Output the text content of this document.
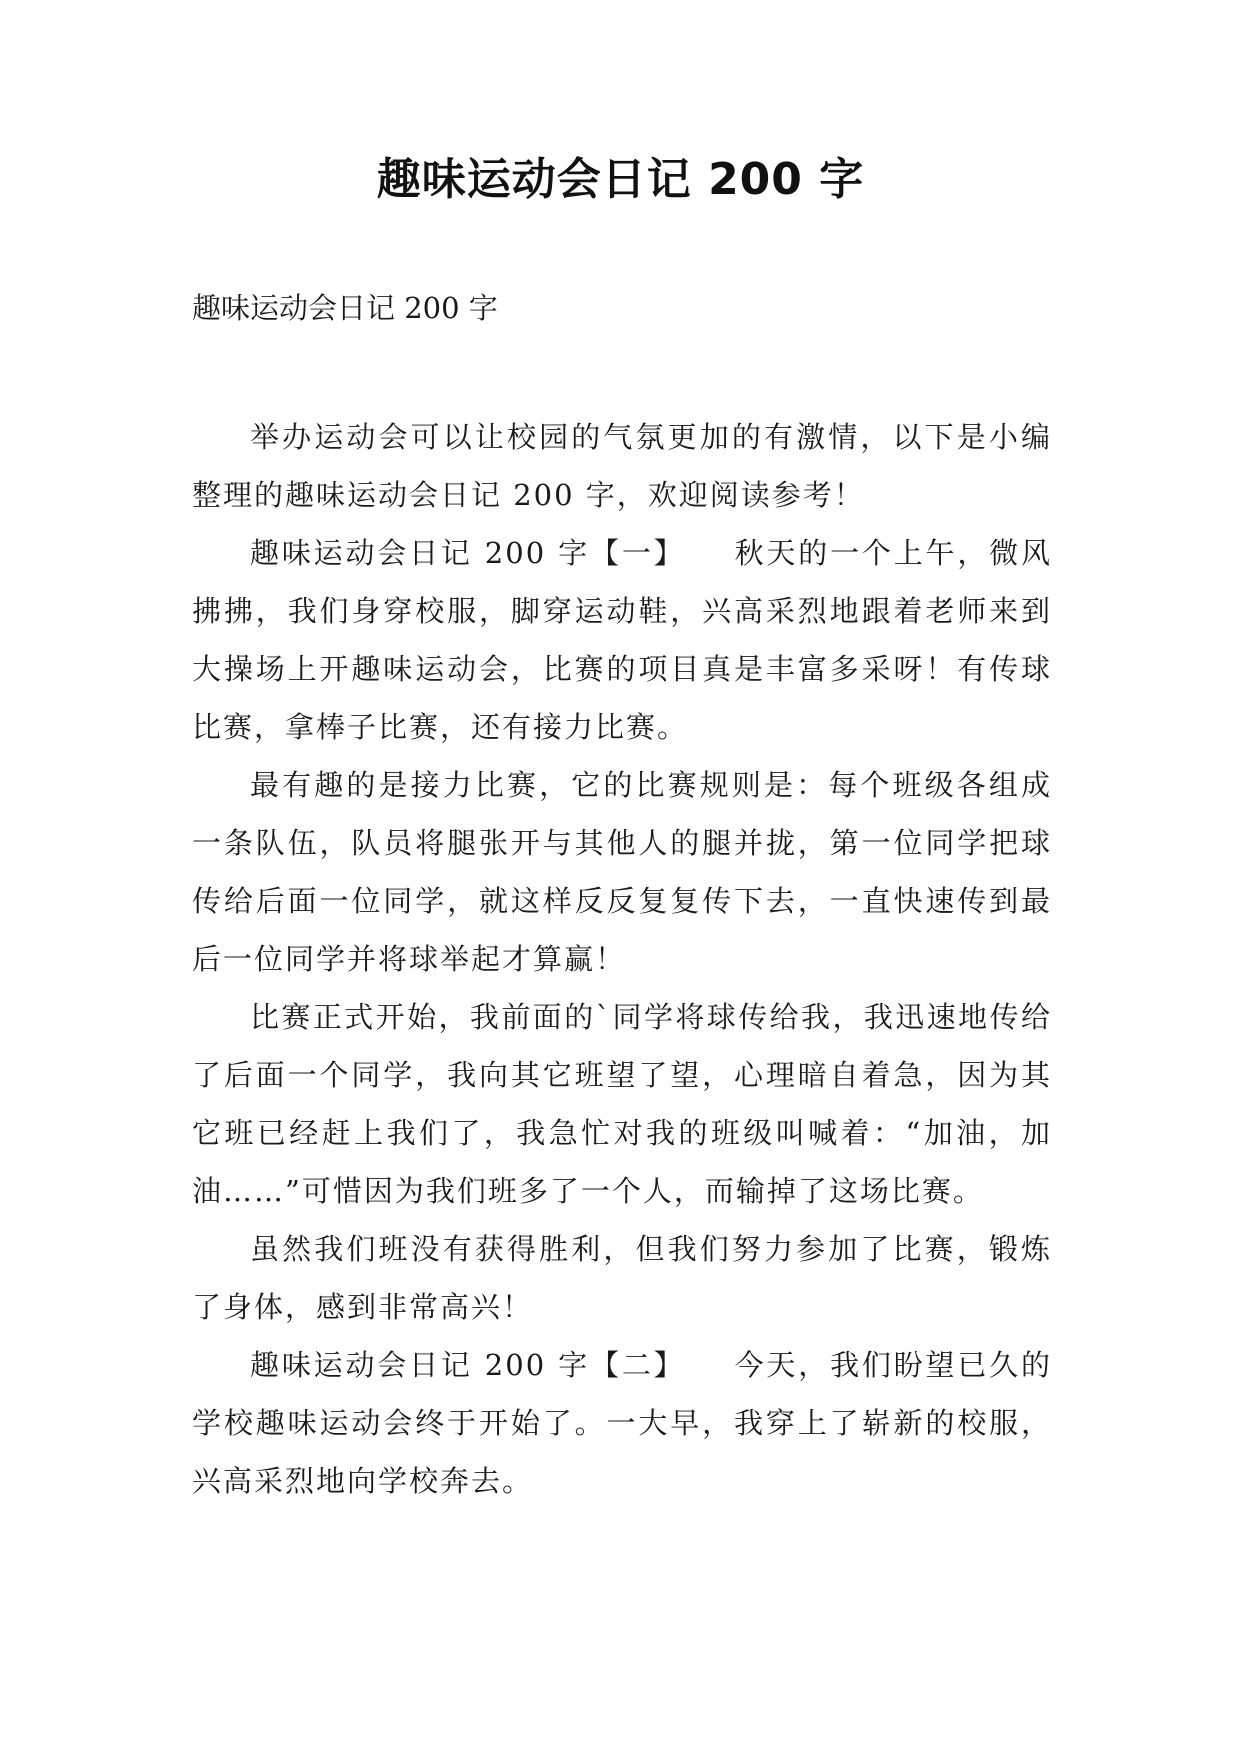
趣味运动会日记 200 字
趣味运动会日记 200 字

举办运动会可以让校园的气氛更加的有激情，以下是小编整理的趣味运动会日记 200 字，欢迎阅读参考！

趣味运动会日记 200 字【一】　　秋天的一个上午，微风拂拂，我们身穿校服，脚穿运动鞋，兴高采烈地跟着老师来到大操场上开趣味运动会，比赛的项目真是丰富多采呀！有传球比赛，拿棒子比赛，还有接力比赛。

最有趣的是接力比赛，它的比赛规则是：每个班级各组成一条队伍，队员将腿张开与其他人的腿并拢，第一位同学把球传给后面一位同学，就这样反反复复传下去，一直快速传到最后一位同学并将球举起才算赢！

比赛正式开始，我前面的`同学将球传给我，我迅速地传给了后面一个同学，我向其它班望了望，心理暗自着急，因为其它班已经赶上我们了，我急忙对我的班级叫喊着：“加油，加油……”可惜因为我们班多了一个人，而输掉了这场比赛。

虽然我们班没有获得胜利，但我们努力参加了比赛，锻炼了身体，感到非常高兴！

趣味运动会日记 200 字【二】　　今天，我们盼望已久的学校趣味运动会终于开始了。一大早，我穿上了崭新的校服，兴高采烈地向学校奔去。
